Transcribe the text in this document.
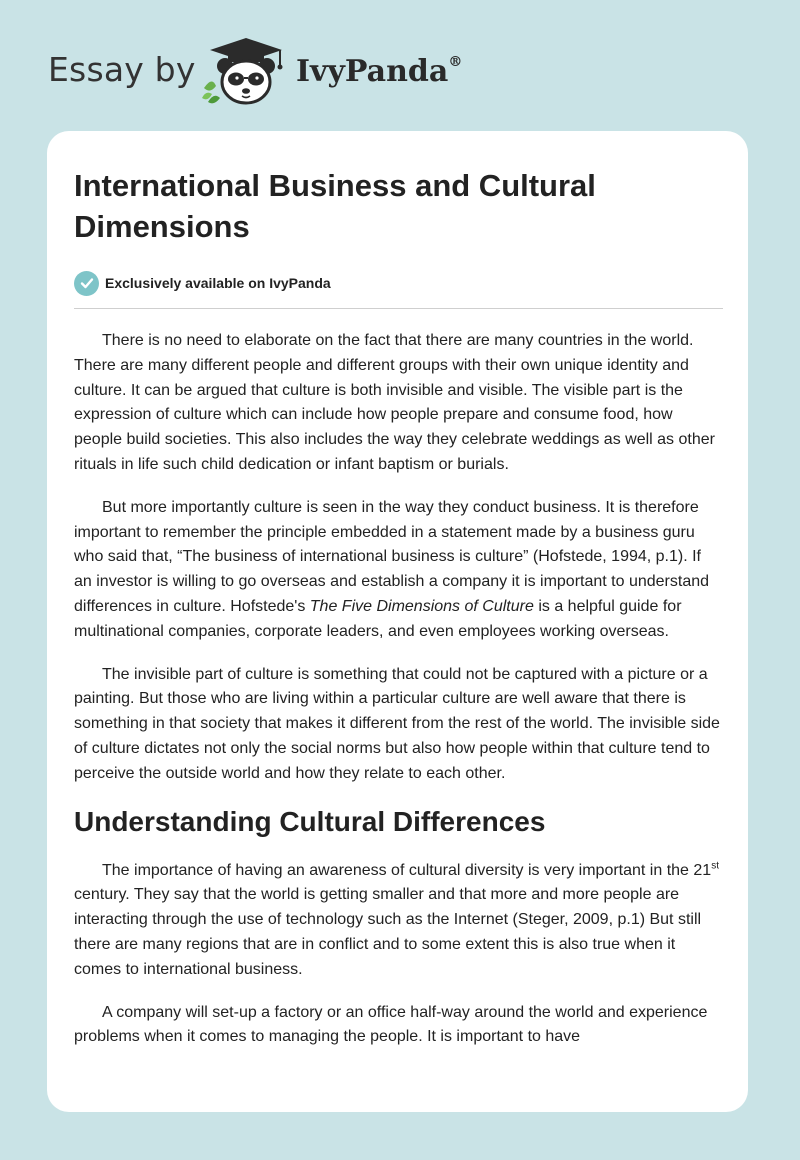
Essay by	IvyPanda®
International Business and Cultural Dimensions
Exclusively available on IvyPanda

There is no need to elaborate on the fact that there are many countries in the world. There are many different people and different groups with their own unique identity and culture. It can be argued that culture is both invisible and visible. The visible part is the expression of culture which can include how people prepare and consume food, how people build societies. This also includes the way they celebrate weddings as well as other rituals in life such child dedication or infant baptism or burials.

But more importantly culture is seen in the way they conduct business. It is therefore important to remember the principle embedded in a statement made by a business guru who said that, “The business of international business is culture” (Hofstede, 1994, p.1). If an investor is willing to go overseas and establish a company it is important to understand differences in culture. Hofstede's The Five Dimensions of Culture is a helpful guide for multinational companies, corporate leaders, and even employees working overseas.

The invisible part of culture is something that could not be captured with a picture or a painting. But those who are living within a particular culture are well aware that there is something in that society that makes it different from the rest of the world. The invisible side of culture dictates not only the social norms but also how people within that culture tend to perceive the outside world and how they relate to each other.

Understanding Cultural Differences

The importance of having an awareness of cultural diversity is very important in the 21st century. They say that the world is getting smaller and that more and more people are interacting through the use of technology such as the Internet (Steger, 2009, p.1) But still there are many regions that are in conflict and to some extent this is also true when it comes to international business.

A company will set-up a factory or an office half-way around the world and experience problems when it comes to managing the people. It is important to have
